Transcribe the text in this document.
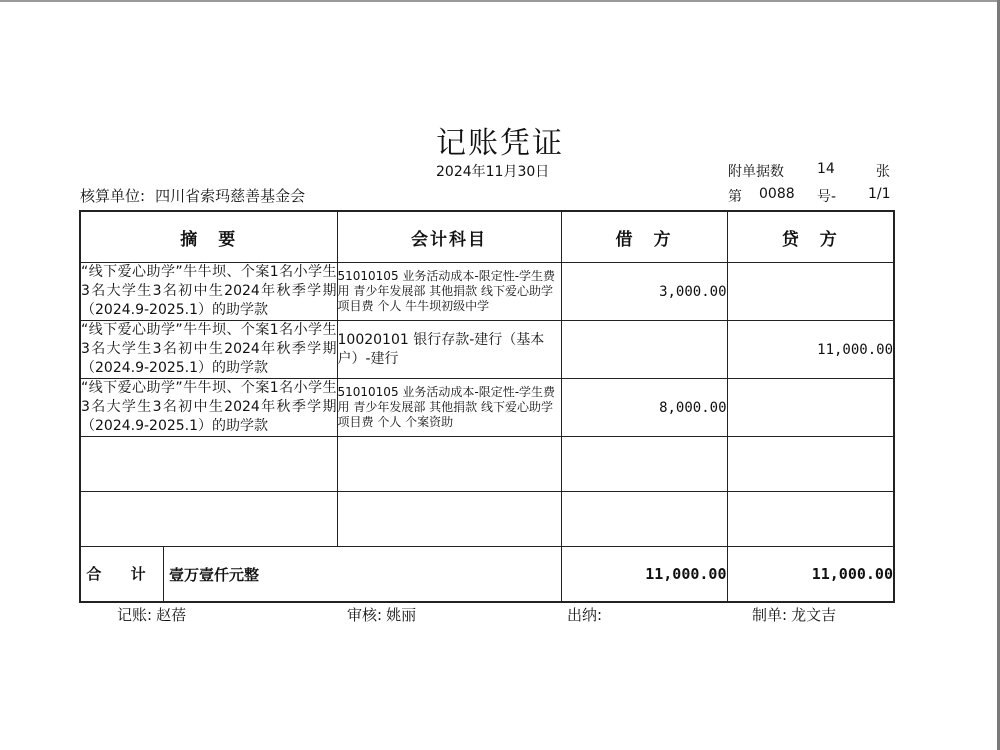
记账凭证
2024年11月30日	附单据数 14	张
核算单位: 四川省索玛慈善基金会	第 0088 号- 1/1
摘　要	会计科目	借　方	贷　方
“线下爱心助学”牛牛坝、个案1名小学生3名大学生3名初中生2024年秋季学期（2024.9-2025.1）的助学款	51010105 业务活动成本-限定性-学生费用 青少年发展部 其他捐款 线下爱心助学 项目费 个人 牛牛坝初级中学	3,000.00	
“线下爱心助学”牛牛坝、个案1名小学生3名大学生3名初中生2024年秋季学期（2024.9-2025.1）的助学款	10020101 银行存款-建行（基本户）-建行		11,000.00
“线下爱心助学”牛牛坝、个案1名小学生3名大学生3名初中生2024年秋季学期（2024.9-2025.1）的助学款	51010105 业务活动成本-限定性-学生费用 青少年发展部 其他捐款 线下爱心助学 项目费 个人 个案资助	8,000.00	

合 计 壹万壹仟元整		11,000.00	11,000.00
记账: 赵蓓	审核: 姚丽	出纳:	制单: 龙文吉
